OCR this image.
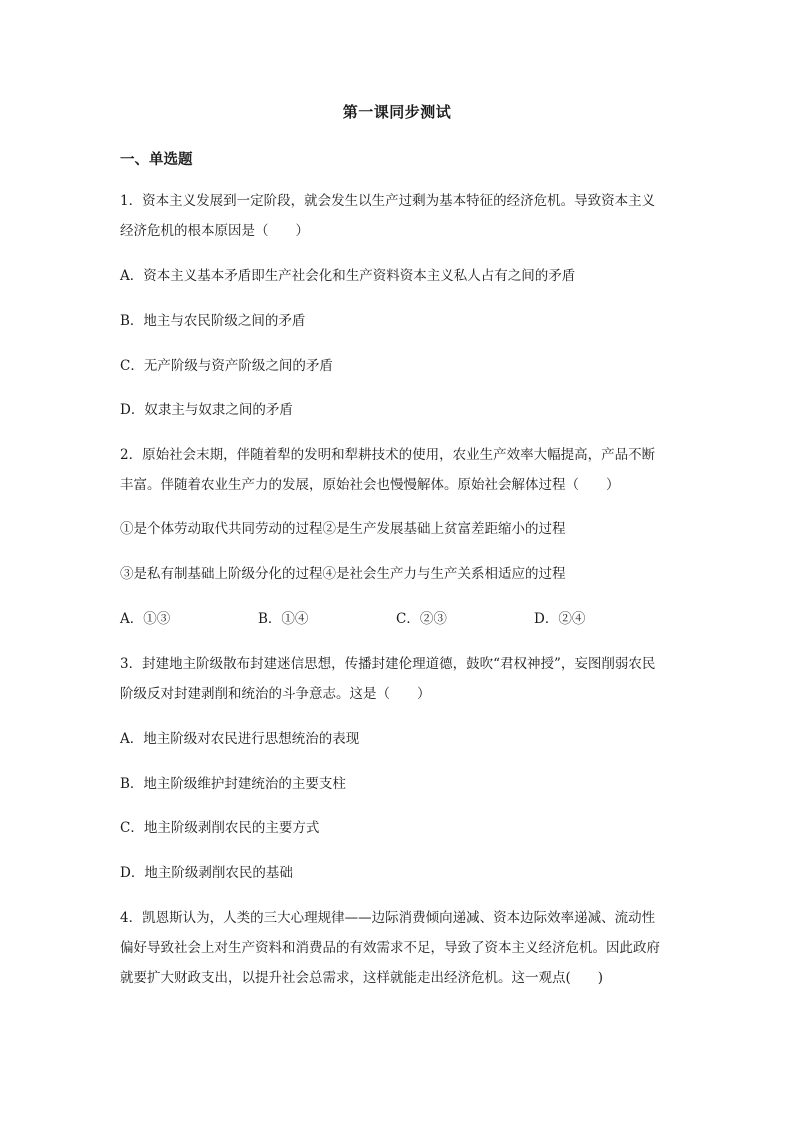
第一课同步测试
一、单选题
1．资本主义发展到一定阶段，就会发生以生产过剩为基本特征的经济危机。导致资本主义
经济危机的根本原因是（　　）
A．资本主义基本矛盾即生产社会化和生产资料资本主义私人占有之间的矛盾
B．地主与农民阶级之间的矛盾
C．无产阶级与资产阶级之间的矛盾
D．奴隶主与奴隶之间的矛盾
2．原始社会末期，伴随着犁的发明和犁耕技术的使用，农业生产效率大幅提高，产品不断
丰富。伴随着农业生产力的发展，原始社会也慢慢解体。原始社会解体过程（　　）
①是个体劳动取代共同劳动的过程②是生产发展基础上贫富差距缩小的过程
③是私有制基础上阶级分化的过程④是社会生产力与生产关系相适应的过程
A．①③	B．①④	C．②③	D．②④
3．封建地主阶级散布封建迷信思想，传播封建伦理道德，鼓吹“君权神授”，妄图削弱农民
阶级反对封建剥削和统治的斗争意志。这是（　　）
A．地主阶级对农民进行思想统治的表现
B．地主阶级维护封建统治的主要支柱
C．地主阶级剥削农民的主要方式
D．地主阶级剥削农民的基础
4．凯恩斯认为，人类的三大心理规律——边际消费倾向递减、资本边际效率递减、流动性
偏好导致社会上对生产资料和消费品的有效需求不足，导致了资本主义经济危机。因此政府
就要扩大财政支出，以提升社会总需求，这样就能走出经济危机。这一观点(　　)
